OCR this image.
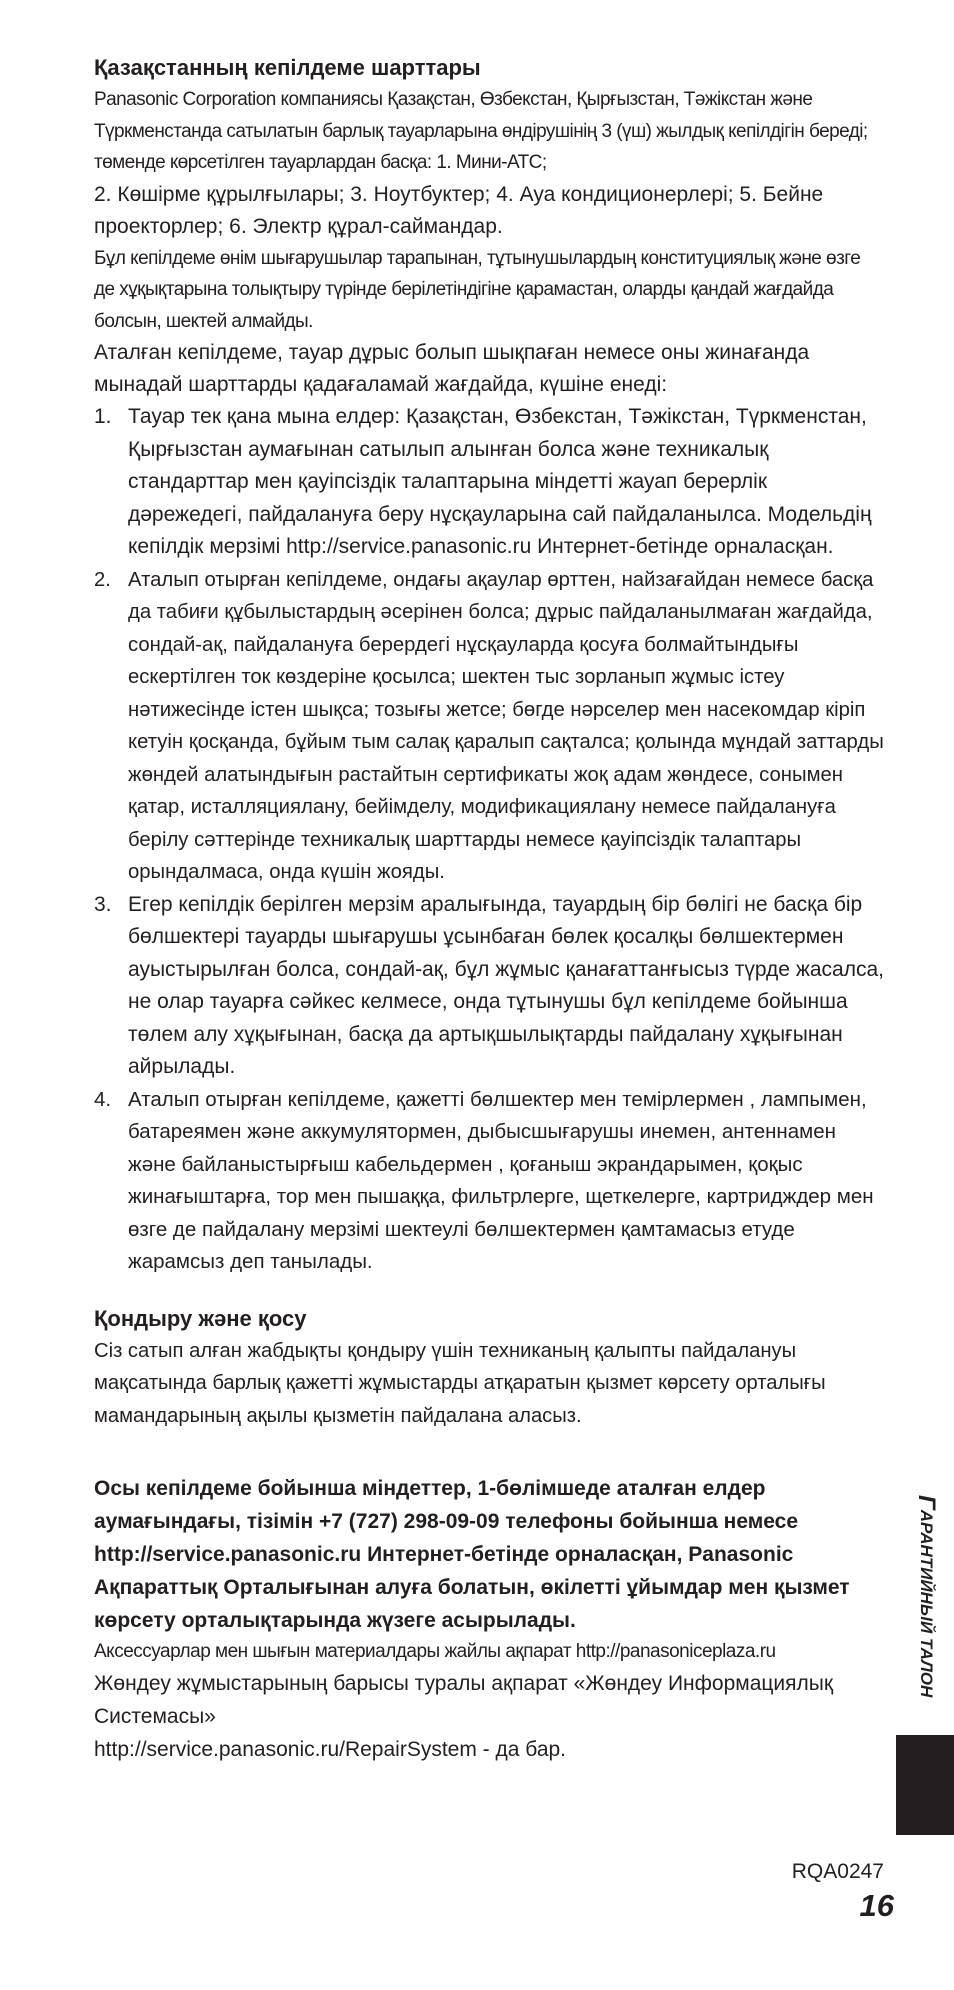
Қазақстанның кепілдеме шарттары

Panasonic Corporation компаниясы Қазақстан, Өзбекстан, Қырғызстан, Тәжікстан және Түркменстанда сатылатын барлық тауарларына өндірушінің 3 (үш) жылдық кепілдігін береді; төменде көрсетілген тауарлардан басқа: 1. Мини-АТС;

2. Көшірме құрылғылары; 3. Ноутбуктер; 4. Ауа кондиционерлері; 5. Бейне проекторлер; 6. Электр құрал-саймандар.

Бұл кепілдеме өнім шығарушылар тарапынан, тұтынушылардың конституциялық және өзге де хұқықтарына толықтыру түрінде берілетіндігіне қарамастан, оларды қандай жағдайда болсын, шектей алмайды.

Аталған кепілдеме, тауар дұрыс болып шықпаған немесе оны жинағанда мынадай шарттарды қадағаламай жағдайда, күшіне енеді:

1. Тауар тек қана мына елдер: Қазақстан, Өзбекстан, Тәжікстан, Түркменстан, Қырғызстан аумағынан сатылып алынған болса және техникалық стандарттар мен қауіпсіздік талаптарына міндетті жауап берерлік дәрежедегі, пайдалануға беру нұсқауларына сай пайдаланылса. Модельдің кепілдік мерзімі http://service.panasonic.ru Интернет-бетінде орналасқан.
2. Аталып отырған кепілдеме, ондағы ақаулар өрттен, найзағайдан немесе басқа да табиғи құбылыстардың әсерінен болса; дұрыс пайдаланылмаған жағдайда, сондай-ақ, пайдалануға берердегі нұсқауларда қосуға болмайтындығы ескертілген ток көздеріне қосылса; шектен тыс зорланып жұмыс істеу нәтижесінде істен шықса; тозығы жетсе; бөгде нәрселер мен насекомдар кіріп кетуін қосқанда, бұйым тым салақ қаралып сақталса; қолында мұндай заттарды жөндей алатындығын растайтын сертификаты жоқ адам жөндесе, сонымен қатар, исталляциялану, бейімделу, модификациялану немесе пайдалануға берілу сәттерінде техникалық шарттарды немесе қауіпсіздік талаптары орындалмаса, онда күшін жояды.
3. Егер кепілдік берілген мерзім аралығында, тауардың бір бөлігі не басқа бір бөлшектері тауарды шығарушы ұсынбаған бөлек қосалқы бөлшектермен ауыстырылған болса, сондай-ақ, бұл жұмыс қанағаттанғысыз түрде жасалса, не олар тауарға сәйкес келмесе, онда тұтынушы бұл кепілдеме бойынша төлем алу хұқығынан, басқа да артықшылықтарды пайдалану хұқығынан айрылады.
4. Аталып отырған кепілдеме, қажетті бөлшектер мен темірлермен , лампымен, батареямен және аккумулятормен, дыбысшығарушы инемен, антеннамен және байланыстырғыш кабельдермен , қоғаныш экрандарымен, қоқыс жинағыштарға, тор мен пышаққа, фильтрлерге, щеткелерге, картридждер мен өзге де пайдалану мерзімі шектеулі бөлшектермен қамтамасыз етуде жарамсыз деп танылады.
Қондыру және қосу

Сіз сатып алған жабдықты қондыру үшін техниканың қалыпты пайдалануы мақсатында барлық қажетті жұмыстарды атқаратын қызмет көрсету орталығы мамандарының ақылы қызметін пайдалана аласыз.

Осы кепілдеме бойынша міндеттер, 1-бөлімшеде аталған елдер аумағындағы, тізімін +7 (727) 298-09-09 телефоны бойынша немесе http://service.panasonic.ru Интернет-бетінде орналасқан, Panasonic Ақпараттық Орталығынан алуға болатын, өкілетті ұйымдар мен қызмет көрсету орталықтарында жүзеге асырылады.

Аксессуарлар мен шығын материалдары жайлы ақпарат http://panasoniceplaza.ru

Жөндеу жұмыстарының барысы туралы ақпарат «Жөндеу Информациялық Системасы»

http://service.panasonic.ru/RepairSystem - да бар.

RQA0247
16
ГАРАНТИЙНЫЙ ТАЛОН
